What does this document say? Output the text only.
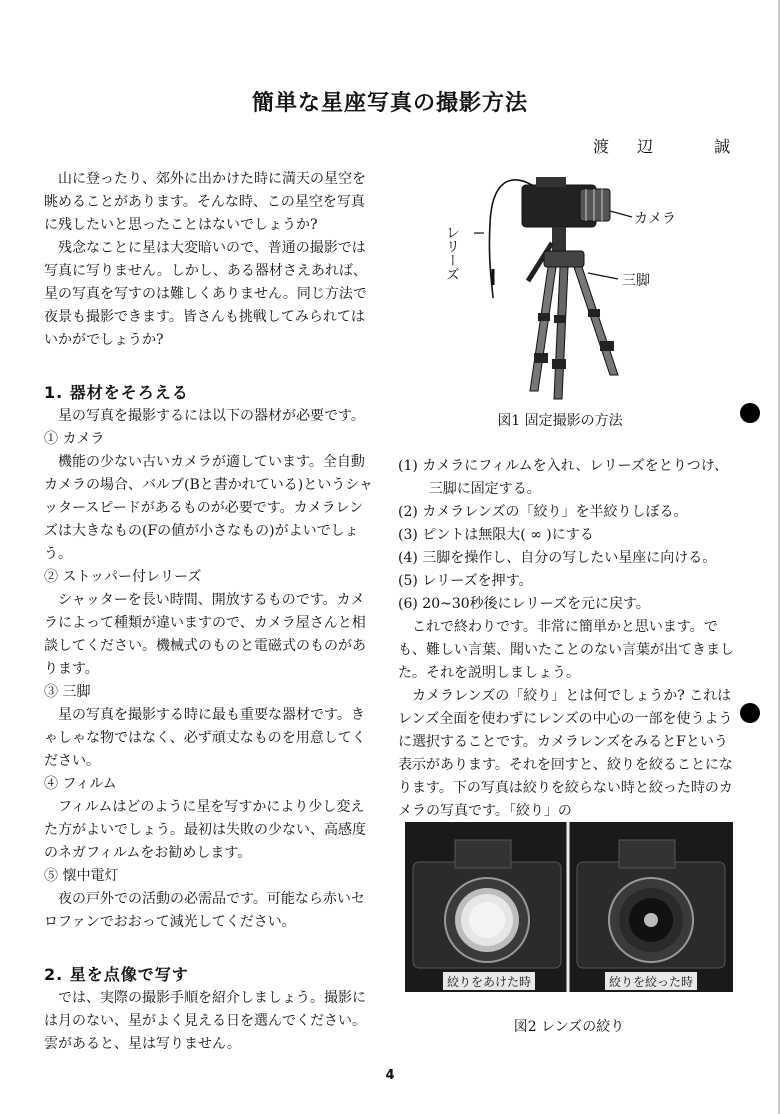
簡単な星座写真の撮影方法
渡辺 誠

山に登ったり、郊外に出かけた時に満天の星空を眺めることがあります。そんな時、この星空を写真に残したいと思ったことはないでしょうか?

残念なことに星は大変暗いので、普通の撮影では写真に写りません。しかし、ある器材さえあれば、星の写真を写すのは難しくありません。同じ方法で夜景も撮影できます。皆さんも挑戦してみられてはいかがでしょうか?

1. 器材をそろえる

星の写真を撮影するには以下の器材が必要です。

① カメラ

機能の少ない古いカメラが適しています。全自動カメラの場合、バルブ(Bと書かれている)というシャッタースピードがあるものが必要です。カメラレンズは大きなもの(Fの値が小さなもの)がよいでしょう。

② ストッパー付レリーズ

シャッターを長い時間、開放するものです。カメラによって種類が違いますので、カメラ屋さんと相談してください。機械式のものと電磁式のものがあります。

③ 三脚

星の写真を撮影する時に最も重要な器材です。きゃしゃな物ではなく、必ず頑丈なものを用意してください。

④ フィルム

フィルムはどのように星を写すかにより少し変えた方がよいでしょう。最初は失敗の少ない、高感度のネガフィルムをお勧めします。

⑤ 懐中電灯

夜の戸外での活動の必需品です。可能なら赤いセロファンでおおって減光してください。

2. 星を点像で写す

では、実際の撮影手順を紹介しましょう。撮影には月のない、星がよく見える日を選んでください。雲があると、星は写りません。

カメラ
三脚
レリーズ
図1 固定撮影の方法

(1) カメラにフィルムを入れ、レリーズをとりつけ、三脚に固定する。

(2) カメラレンズの「絞り」を半絞りしぼる。

(3) ピントは無限大( ∞ )にする

(4) 三脚を操作し、自分の写したい星座に向ける。

(5) レリーズを押す。

(6) 20~30秒後にレリーズを元に戻す。

これで終わりです。非常に簡単かと思います。でも、難しい言葉、聞いたことのない言葉が出てきました。それを説明しましょう。

カメラレンズの「絞り」とは何でしょうか? これはレンズ全面を使わずにレンズの中心の一部を使うように選択することです。カメラレンズをみるとFという表示があります。それを回すと、絞りを絞ることになります。下の写真は絞りを絞らない時と絞った時のカメラの写真です。「絞り」の

絞りをあけた時	絞りを絞った時
図2 レンズの絞り
4
